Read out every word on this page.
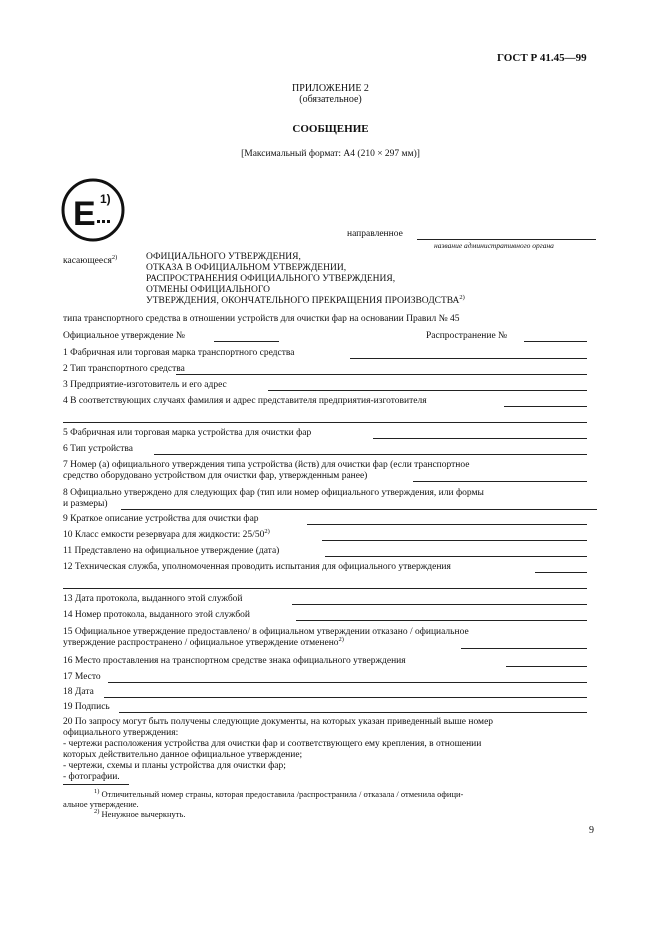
ГОСТ Р 41.45—99
ПРИЛОЖЕНИЕ 2
(обязательное)
СООБЩЕНИЕ
[Максимальный формат: А4 (210 × 297 мм)]
E 1)
направленное
название административного органа
касающееся$^{2)}$	ОФИЦИАЛЬНОГО УТВЕРЖДЕНИЯ,
ОТКАЗА В ОФИЦИАЛЬНОМ УТВЕРЖДЕНИИ,
РАСПРОСТРАНЕНИЯ ОФИЦИАЛЬНОГО УТВЕРЖДЕНИЯ,
ОТМЕНЫ ОФИЦИАЛЬНОГО
УТВЕРЖДЕНИЯ, ОКОНЧАТЕЛЬНОГО ПРЕКРАЩЕНИЯ ПРОИЗВОДСТВА$^{2)}$
типа транспортного средства в отношении устройств для очистки фар на основании Правил № 45
Официальное утверждение №	Распространение №
1 Фабричная или торговая марка транспортного средства
2 Тип транспортного средства
3 Предприятие-изготовитель и его адрес
4 В соответствующих случаях фамилия и адрес представителя предприятия-изготовителя
5 Фабричная или торговая марка устройства для очистки фар
6 Тип устройства
7 Номер (а) официального утверждения типа устройства (йств) для очистки фар (если транспортное
средство оборудовано устройством для очистки фар, утвержденным ранее)
8 Официально утверждено для следующих фар (тип или номер официального утверждения, или формы
и размеры)
9 Краткое описание устройства для очистки фар
10 Класс емкости резервуара для жидкости: 25/50$^{2)}$
11 Представлено на официальное утверждение (дата)
12 Техническая служба, уполномоченная проводить испытания для официального утверждения
13 Дата протокола, выданного этой службой
14 Номер протокола, выданного этой службой
15 Официальное утверждение предоставлено/ в официальном утверждении отказано / официальное
утверждение распространено / официальное утверждение отменено$^{2)}$
16 Место проставления на транспортном средстве знака официального утверждения
17 Место
18 Дата
19 Подпись
20 По запросу могут быть получены следующие документы, на которых указан приведенный выше номер
официального утверждения:
- чертежи расположения устройства для очистки фар и соответствующего ему крепления, в отношении
которых действительно данное официальное утверждение;
- чертежи, схемы и планы устройства для очистки фар;
- фотографии.
$^{1)}$ Отличительный номер страны, которая предоставила /распространила / отказала / отменила офици-
альное утверждение.
$^{2)}$ Ненужное вычеркнуть.
9
